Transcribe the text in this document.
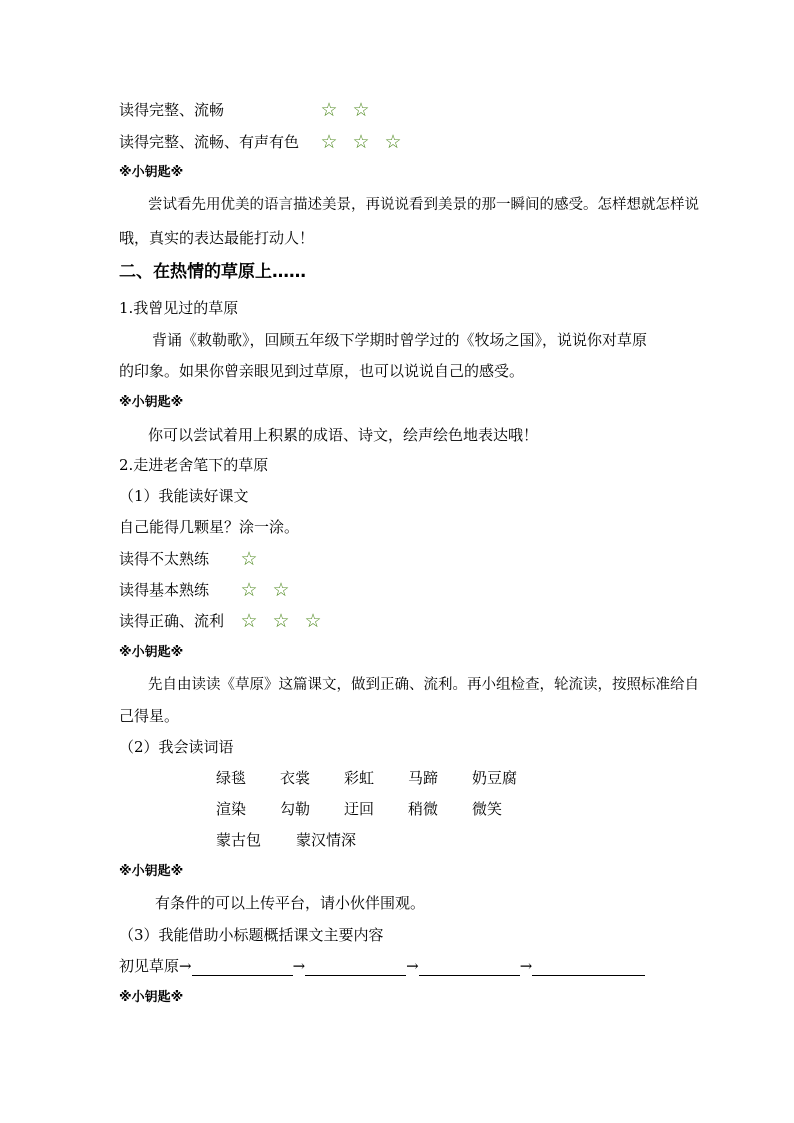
读得完整、流畅	☆ ☆
读得完整、流畅、有声有色 ☆ ☆ ☆
※小钥匙※
尝试看先用优美的语言描述美景，再说说看到美景的那一瞬间的感受。怎样想就怎样说
哦，真实的表达最能打动人！
二、在热情的草原上……
1.我曾见过的草原
背诵《敕勒歌》，回顾五年级下学期时曾学过的《牧场之国》，说说你对草原
的印象。如果你曾亲眼见到过草原，也可以说说自己的感受。
※小钥匙※
你可以尝试着用上积累的成语、诗文，绘声绘色地表达哦！
2.走进老舍笔下的草原
（1）我能读好课文
自己能得几颗星？涂一涂。
读得不太熟练 ☆
读得基本熟练 ☆ ☆
读得正确、流利 ☆ ☆ ☆
※小钥匙※
先自由读读《草原》这篇课文，做到正确、流利。再小组检查，轮流读，按照标准给自
己得星。
（2）我会读词语
绿毯 衣裳 彩虹 马蹄 奶豆腐
渲染 勾勒 迂回 稍微 微笑
蒙古包 蒙汉情深
※小钥匙※
有条件的可以上传平台，请小伙伴围观。
（3）我能借助小标题概括课文主要内容
初见草原→	→	→	→
※小钥匙※
